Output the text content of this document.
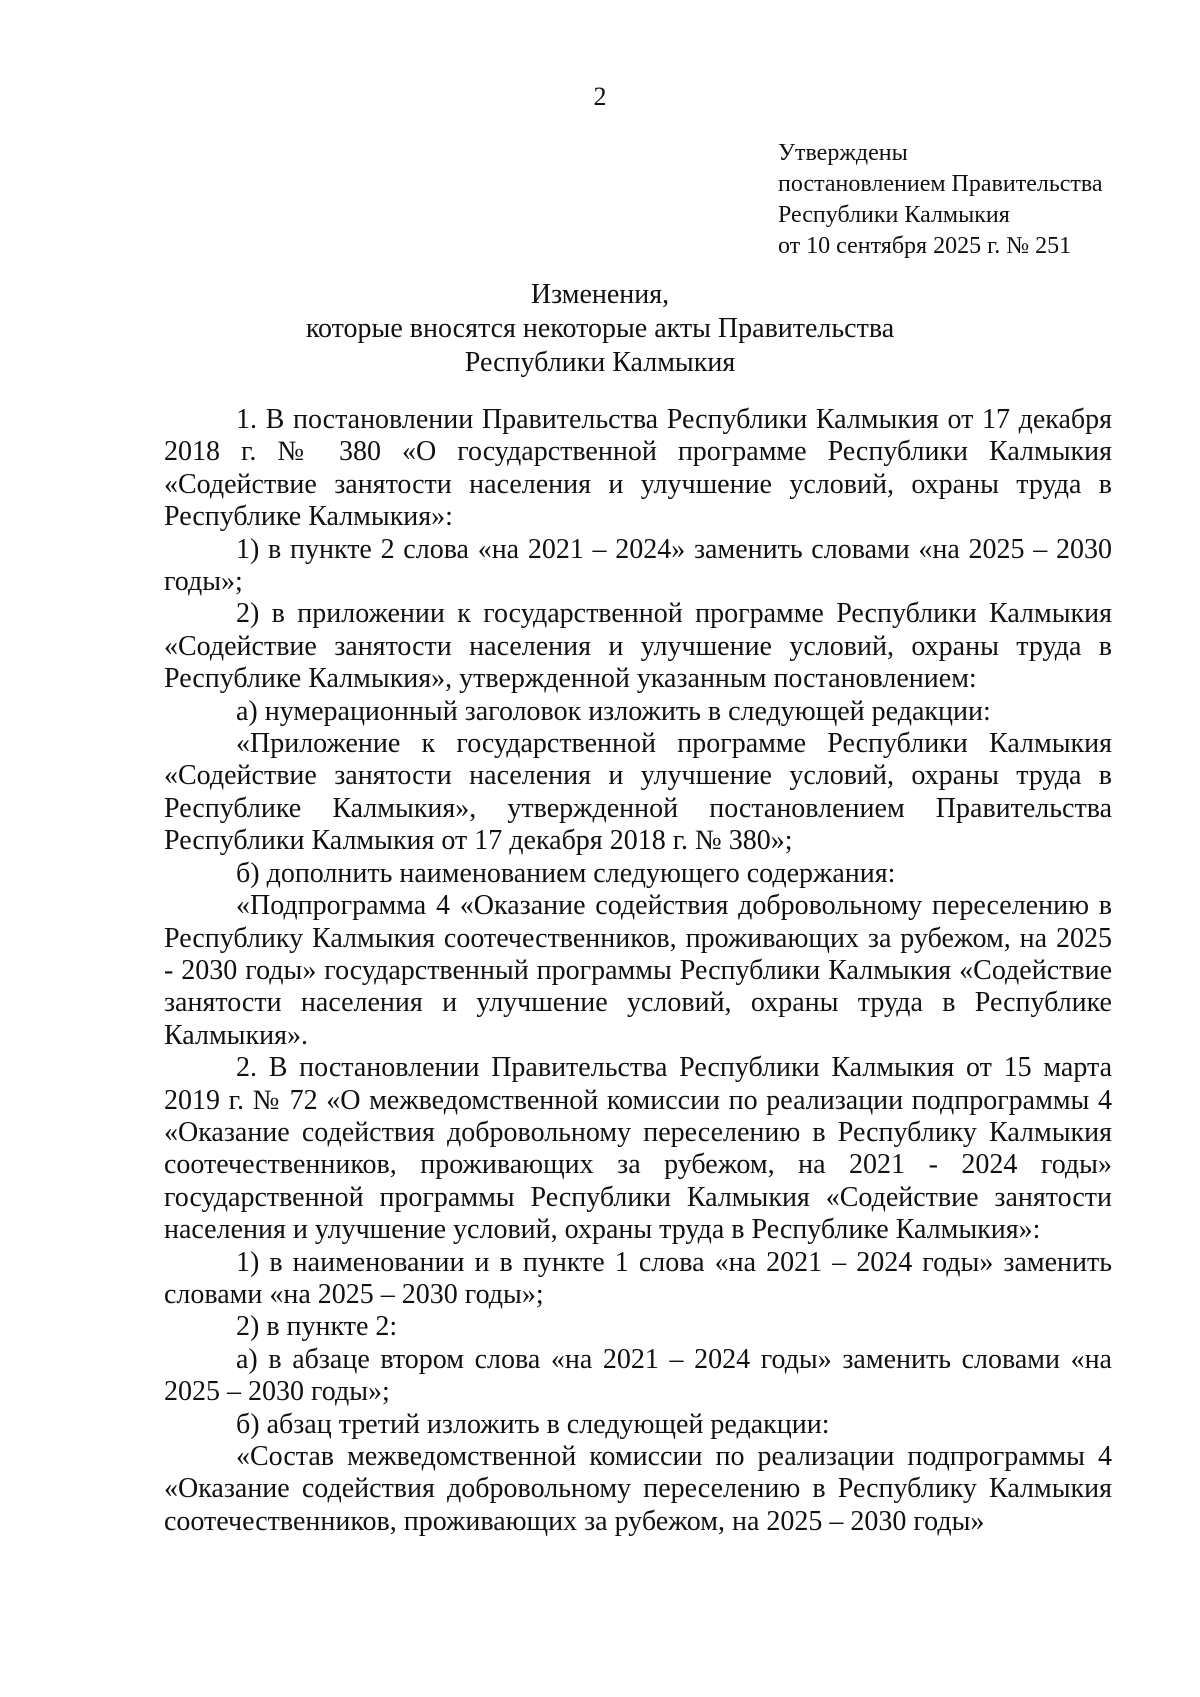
2
Утверждены
постановлением Правительства
Республики Калмыкия
от 10 сентября 2025 г. № 251
Изменения,
которые вносятся некоторые акты Правительства
Республики Калмыкия

1. В постановлении Правительства Республики Калмыкия от 17 декабря 2018 г. № 380 «О государственной программе Республики Калмыкия «Содействие занятости населения и улучшение условий, охраны труда в Республике Калмыкия»:

1) в пункте 2 слова «на 2021 – 2024» заменить словами «на 2025 – 2030 годы»;

2) в приложении к государственной программе Республики Калмыкия «Содействие занятости населения и улучшение условий, охраны труда в Республике Калмыкия», утвержденной указанным постановлением:

а) нумерационный заголовок изложить в следующей редакции:

«Приложение к государственной программе Республики Калмыкия «Содействие занятости населения и улучшение условий, охраны труда в Республике Калмыкия», утвержденной постановлением Правительства Республики Калмыкия от 17 декабря 2018 г. № 380»;

б) дополнить наименованием следующего содержания:

«Подпрограмма 4 «Оказание содействия добровольному переселению в Республику Калмыкия соотечественников, проживающих за рубежом, на 2025 - 2030 годы» государственный программы Республики Калмыкия «Содействие занятости населения и улучшение условий, охраны труда в Республике Калмыкия».

2. В постановлении Правительства Республики Калмыкия от 15 марта 2019 г. № 72 «О межведомственной комиссии по реализации подпрограммы 4 «Оказание содействия добровольному переселению в Республику Калмыкия соотечественников, проживающих за рубежом, на 2021 - 2024 годы» государственной программы Республики Калмыкия «Содействие занятости населения и улучшение условий, охраны труда в Республике Калмыкия»:

1) в наименовании и в пункте 1 слова «на 2021 – 2024 годы» заменить словами «на 2025 – 2030 годы»;

2) в пункте 2:

а) в абзаце втором слова «на 2021 – 2024 годы» заменить словами «на 2025 – 2030 годы»;

б) абзац третий изложить в следующей редакции:

«Состав межведомственной комиссии по реализации подпрограммы 4 «Оказание содействия добровольному переселению в Республику Калмыкия соотечественников, проживающих за рубежом, на 2025 – 2030 годы»
